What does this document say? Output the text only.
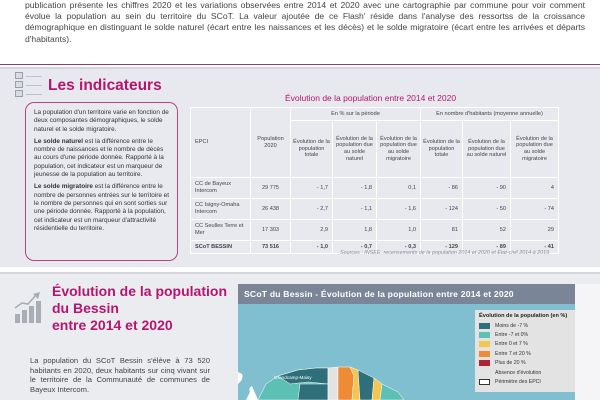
publication présente les chiffres 2020 et les variations observées entre 2014 et 2020 avec une cartographie par commune pour voir comment évolue la population au sein du territoire du SCoT. La valeur ajoutée de ce Flash' réside dans l'analyse des ressortss de la croissance démographique en distinguant le solde naturel (écart entre les naissances et les décès) et le solde migratoire (écart entre les arrivées et départs d'habitants).

Les indicateurs

La population d'un territoire varie en fonction de deux composantes démographiques, le solde naturel et le solde migratoire.

Le solde naturel est la différence entre le nombre de naissances et le nombre de décès au cours d'une période donnée. Rapporté à la population, cet indicateur est un marqueur de jeunesse de la population au territoire.

Le solde migratoire est la différence entre le nombre de personnes entrées sur le territoire et le nombre de personnes qui en sont sorties sur une période donnée. Rapporté à la population, cet indicateur est un marqueur d'attractivité résidentielle du territoire.

Évolution de la population entre 2014 et 2020
EPCI	Population 2020	En % sur la période			En nombre d'habitants (moyenne annuelle)		
		Évolution de la population totale	Évolution de la population due au solde naturel	Évolution de la population due au solde migratoire	Évolution de la population totale	Évolution de la population due au solde naturel	Évolution de la population due au solde migratoire
CC de Bayeux Intercom	29 775	- 1,7	- 1,8	0,1	- 86	- 90	4
CC Isigny-Omaha Intercom	26 438	- 2,7	- 1,1	- 1,6	- 124	- 50	- 74
CC Seulles Terre et Mer	17 303	2,9	1,8	1,0	81	52	29
SCoT BESSIN	73 516	- 1,0	- 0,7	- 0,3	- 129	- 89	- 41
Sources : INSEE, recensements de la population 2014 et 2020 et État-civil 2014 à 2019
Évolution de la population
du Bessin
entre 2014 et 2020
La population du SCoT Bessin s'élève à 73 520 habitants en 2020, deux habitants sur cinq vivant sur le territoire de la Communauté de communes de Bayeux Intercom.
SCoT du Bessin - Évolution de la population entre 2014 et 2020
Grandcamp-Maisy
Évolution de la population (en %)
Moins de -7 %
Entre -7 et 0%
Entre 0 et 7 %
Entre 7 et 20 %
Plus de 20 %
Absence d'évolution
Périmètre des EPCI
